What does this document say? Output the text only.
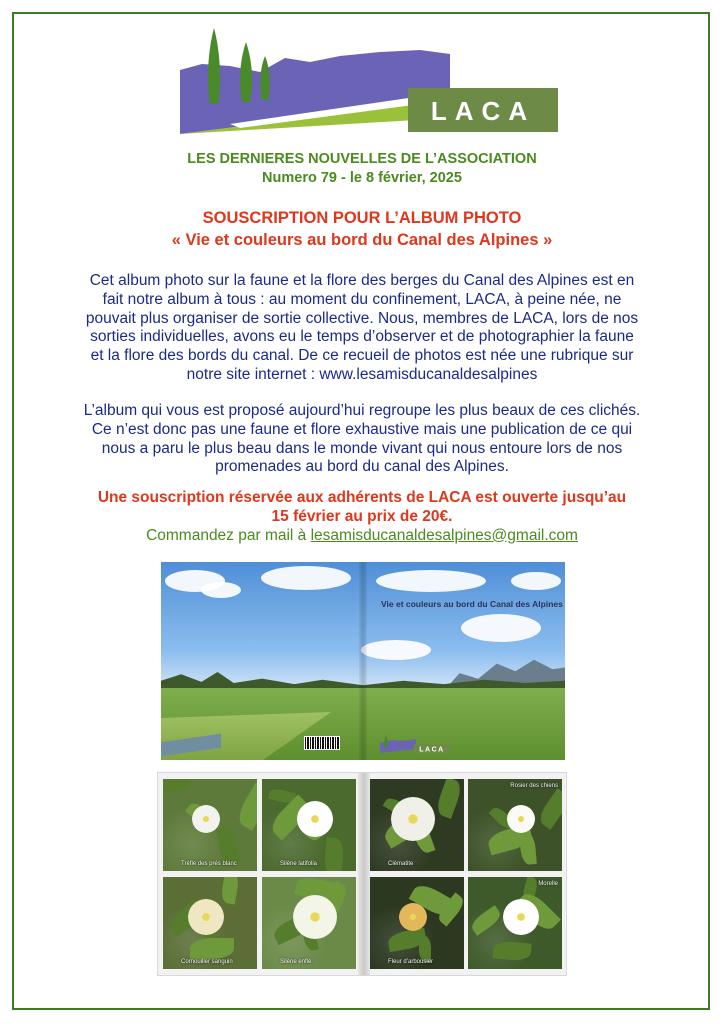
LACA
LES DERNIERES NOUVELLES DE L’ASSOCIATION
Numero 79 - le 8 février, 2025
SOUSCRIPTION POUR L’ALBUM PHOTO
« Vie et couleurs au bord du Canal des Alpines »
Cet album photo sur la faune et la flore des berges du Canal des Alpines est en
fait notre album à tous : au moment du confinement, LACA, à peine née, ne
pouvait plus organiser de sortie collective. Nous, membres de LACA, lors de nos
sorties individuelles, avons eu le temps d’observer et de photographier la faune
et la flore des bords du canal. De ce recueil de photos est née une rubrique sur
notre site internet : www.lesamisducanaldesalpines
L’album qui vous est proposé aujourd’hui regroupe les plus beaux de ces clichés.
Ce n’est donc pas une faune et flore exhaustive mais une publication de ce qui
nous a paru le plus beau dans le monde vivant qui nous entoure lors de nos
promenades au bord du canal des Alpines.
Une souscription réservée aux adhérents de LACA est ouverte jusqu’au
15 février au prix de 20€.
Commandez par mail à lesamisducanaldesalpines@gmail.com
Vie et couleurs au bord du Canal des Alpines
LACA
Trèfle des prés blanc	Silène latifolia	Clématite
Rosier des chiens
Cornouiller sanguin	Silène enflé	Fleur d’arbousier
Morelle
